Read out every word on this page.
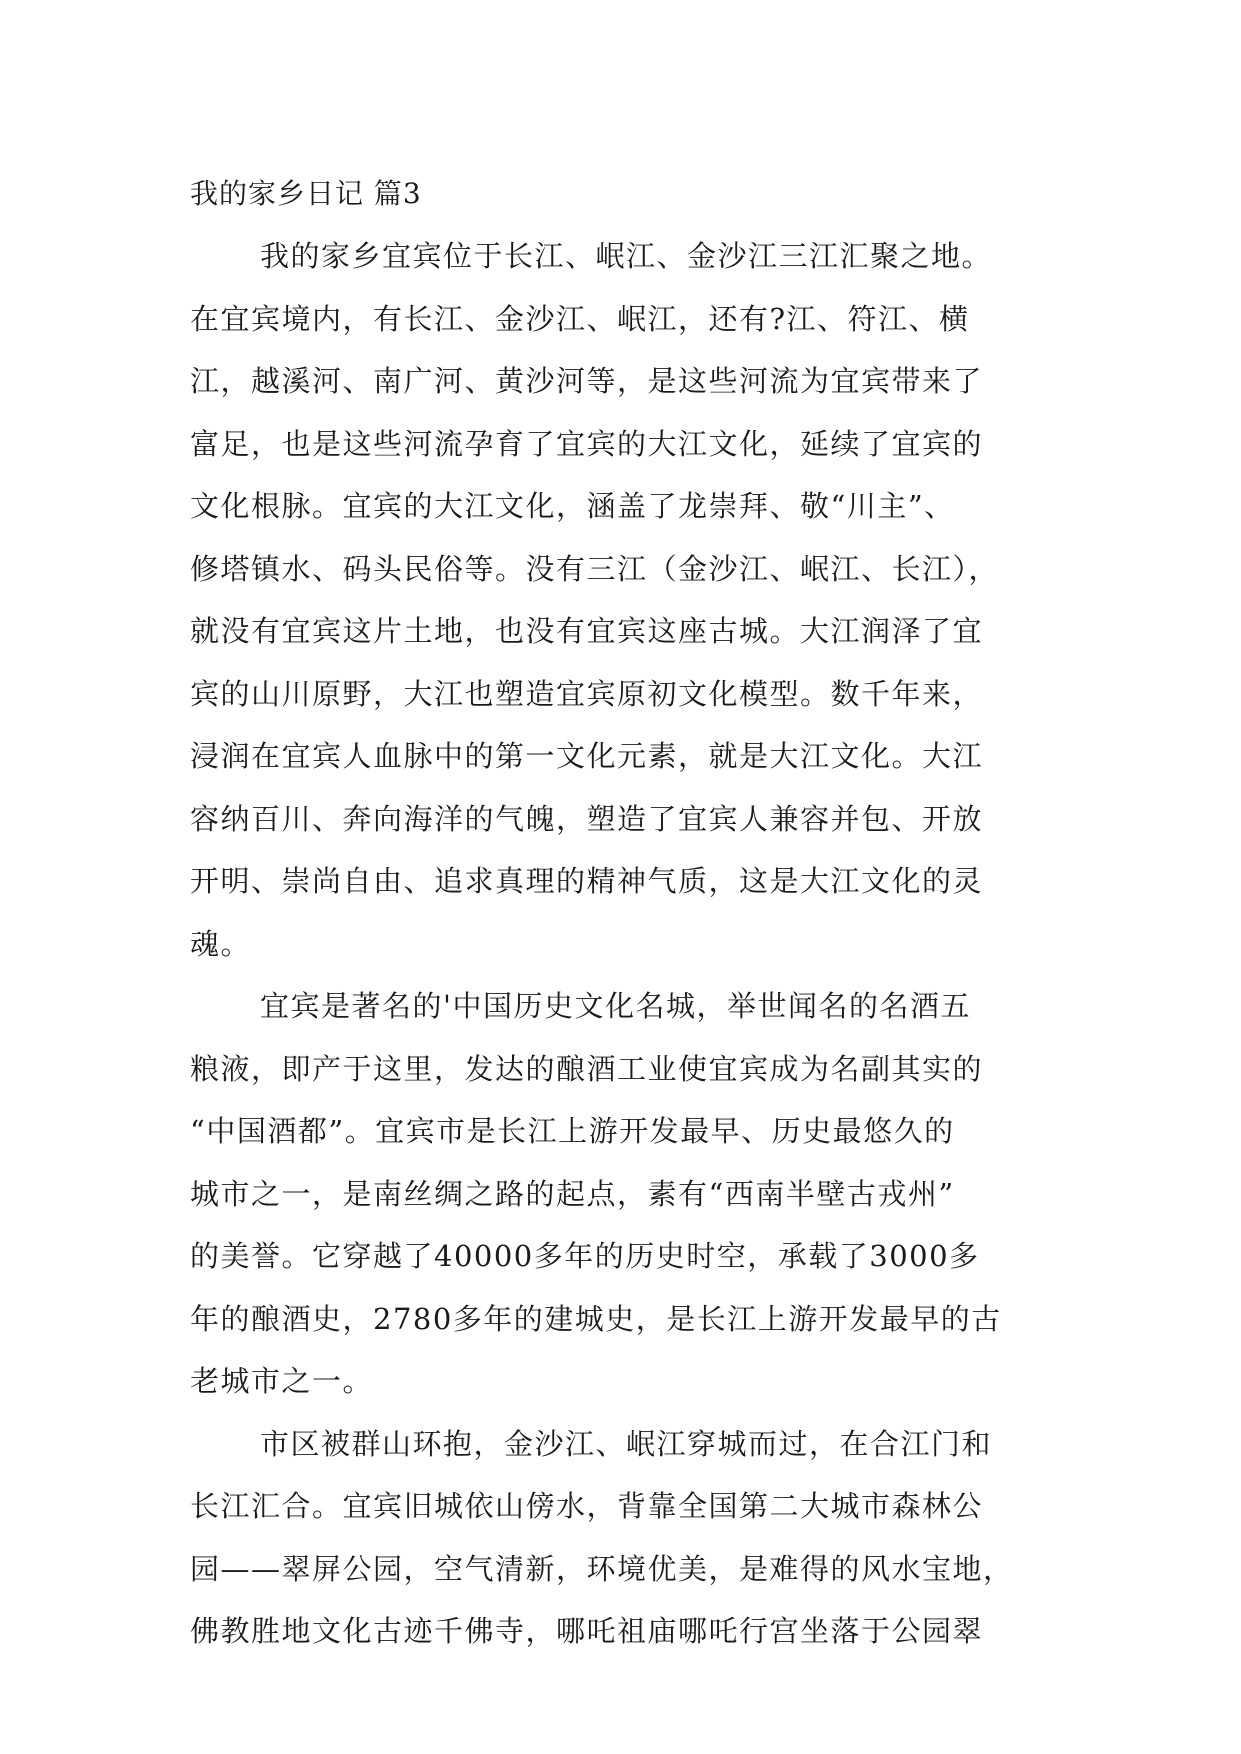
我的家乡日记 篇3

我的家乡宜宾位于长江、岷江、金沙江三江汇聚之地。
在宜宾境内，有长江、金沙江、岷江，还有?江、符江、横
江，越溪河、南广河、黄沙河等，是这些河流为宜宾带来了
富足，也是这些河流孕育了宜宾的大江文化，延续了宜宾的
文化根脉。宜宾的大江文化，涵盖了龙崇拜、敬“川主”、
修塔镇水、码头民俗等。没有三江（金沙江、岷江、长江），
就没有宜宾这片土地，也没有宜宾这座古城。大江润泽了宜
宾的山川原野，大江也塑造宜宾原初文化模型。数千年来，
浸润在宜宾人血脉中的第一文化元素，就是大江文化。大江
容纳百川、奔向海洋的气魄，塑造了宜宾人兼容并包、开放
开明、崇尚自由、追求真理的精神气质，这是大江文化的灵
魂。

宜宾是著名的'中国历史文化名城，举世闻名的名酒五
粮液，即产于这里，发达的酿酒工业使宜宾成为名副其实的
“中国酒都”。宜宾市是长江上游开发最早、历史最悠久的
城市之一，是南丝绸之路的起点，素有“西南半壁古戎州”
的美誉。它穿越了40000多年的历史时空，承载了3000多
年的酿酒史，2780多年的建城史，是长江上游开发最早的古
老城市之一。

市区被群山环抱，金沙江、岷江穿城而过，在合江门和
长江汇合。宜宾旧城依山傍水，背靠全国第二大城市森林公
园——翠屏公园，空气清新，环境优美，是难得的风水宝地，
佛教胜地文化古迹千佛寺，哪吒祖庙哪吒行宫坐落于公园翠
